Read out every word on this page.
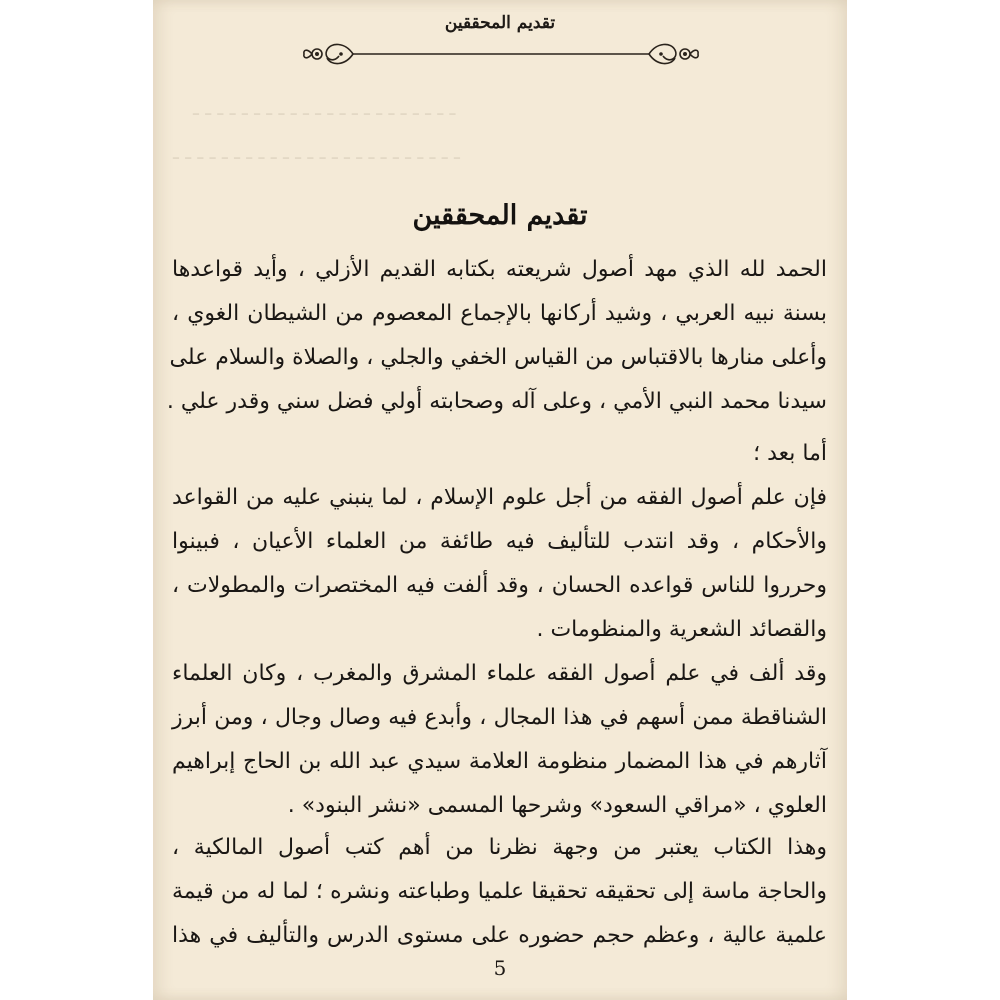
ـ ـ ـ ـ ـ ـ ـ ـ ـ ـ ـ ـ ـ ـ ـ ـ ـ ـ ـ ـ ـ ـ
ـ ـ ـ ـ ـ ـ ـ ـ ـ ـ ـ ـ ـ ـ ـ ـ ـ ـ ـ ـ ـ ـ ـ ـ
تقديم المحققين
تقديم المحققين
الحمد لله الذي مهد أصول شريعته بكتابه القديم الأزلي ، وأيد قواعدها
بسنة نبيه العربي ، وشيد أركانها بالإجماع المعصوم من الشيطان الغوي ،
وأعلى منارها بالاقتباس من القياس الخفي والجلي ، والصلاة والسلام على
سيدنا محمد النبي الأمي ، وعلى آله وصحابته أولي فضل سني وقدر علي .
أما بعد ؛
فإن علم أصول الفقه من أجل علوم الإسلام ، لما ينبني عليه من القواعد
والأحكام ، وقد انتدب للتأليف فيه طائفة من العلماء الأعيان ، فبينوا
وحرروا للناس قواعده الحسان ، وقد ألفت فيه المختصرات والمطولات ،
والقصائد الشعرية والمنظومات .
وقد ألف في علم أصول الفقه علماء المشرق والمغرب ، وكان العلماء
الشناقطة ممن أسهم في هذا المجال ، وأبدع فيه وصال وجال ، ومن أبرز
آثارهم في هذا المضمار منظومة العلامة سيدي عبد الله بن الحاج إبراهيم
العلوي ، «مراقي السعود» وشرحها المسمى «نشر البنود» .
وهذا الكتاب يعتبر من وجهة نظرنا من أهم كتب أصول المالكية ،
والحاجة ماسة إلى تحقيقه تحقيقا علميا وطباعته ونشره ؛ لما له من قيمة
علمية عالية ، وعظم حجم حضوره على مستوى الدرس والتأليف في هذا
5
